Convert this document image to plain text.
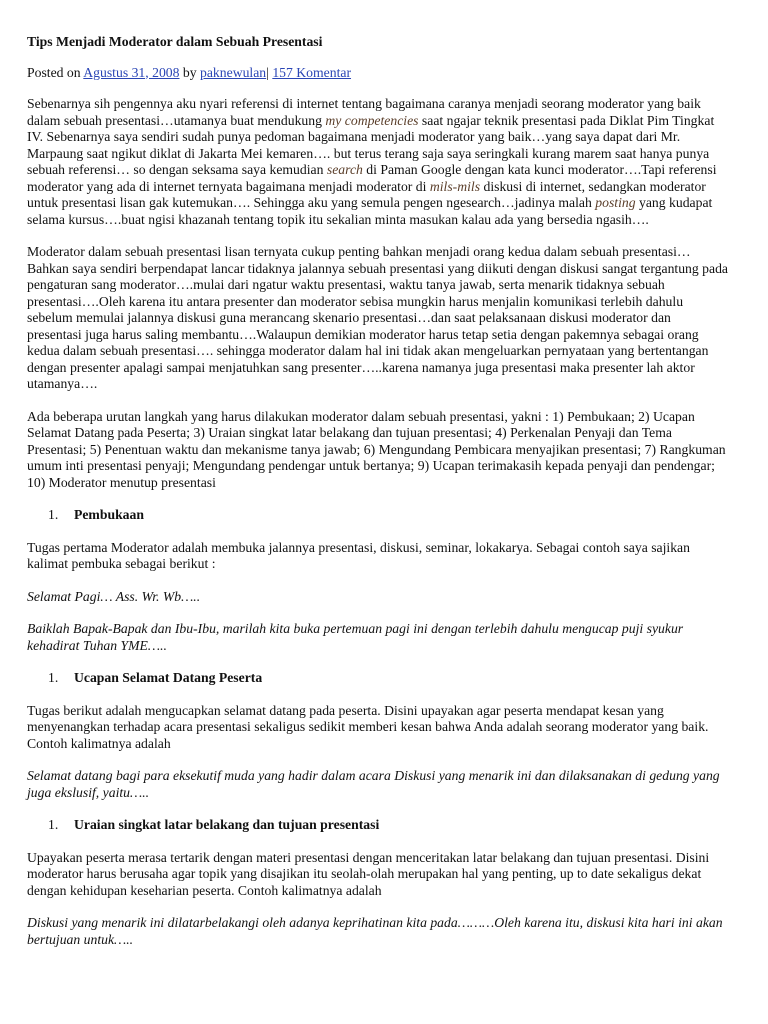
Tips Menjadi Moderator dalam Sebuah Presentasi
Posted on Agustus 31, 2008 by paknewulan| 157 Komentar

Sebenarnya sih pengennya aku nyari referensi di internet tentang bagaimana caranya menjadi seorang moderator yang baik dalam sebuah presentasi…utamanya buat mendukung my competencies saat ngajar teknik presentasi pada Diklat Pim Tingkat IV. Sebenarnya saya sendiri sudah punya pedoman bagaimana menjadi moderator yang baik…yang saya dapat dari Mr. Marpaung saat ngikut diklat di Jakarta Mei kemaren…. but terus terang saja saya seringkali kurang marem saat hanya punya sebuah referensi… so dengan seksama saya kemudian search di Paman Google dengan kata kunci moderator….Tapi referensi moderator yang ada di internet ternyata bagaimana menjadi moderator di mils-mils diskusi di internet, sedangkan moderator untuk presentasi lisan gak kutemukan…. Sehingga aku yang semula pengen ngesearch…jadinya malah posting yang kudapat selama kursus….buat ngisi khazanah tentang topik itu sekalian minta masukan kalau ada yang bersedia ngasih….

Moderator dalam sebuah presentasi lisan ternyata cukup penting bahkan menjadi orang kedua dalam sebuah presentasi…Bahkan saya sendiri berpendapat lancar tidaknya jalannya sebuah presentasi yang diikuti dengan diskusi sangat tergantung pada pengaturan sang moderator….mulai dari ngatur waktu presentasi, waktu tanya jawab, serta menarik tidaknya sebuah presentasi….Oleh karena itu antara presenter dan moderator sebisa mungkin harus menjalin komunikasi terlebih dahulu sebelum memulai jalannya diskusi guna merancang skenario presentasi…dan saat pelaksanaan diskusi moderator dan presentasi juga harus saling membantu….Walaupun demikian moderator harus tetap setia dengan pakemnya sebagai orang kedua dalam sebuah presentasi…. sehingga moderator dalam hal ini tidak akan mengeluarkan pernyataan yang bertentangan dengan presenter apalagi sampai menjatuhkan sang presenter…..karena namanya juga presentasi maka presenter lah aktor utamanya….

Ada beberapa urutan langkah yang harus dilakukan moderator dalam sebuah presentasi, yakni : 1) Pembukaan; 2) Ucapan Selamat Datang pada Peserta; 3) Uraian singkat latar belakang dan tujuan presentasi; 4) Perkenalan Penyaji dan Tema Presentasi; 5) Penentuan waktu dan mekanisme tanya jawab; 6) Mengundang Pembicara menyajikan presentasi; 7) Rangkuman umum inti presentasi penyaji; Mengundang pendengar untuk bertanya; 9) Ucapan terimakasih kepada penyaji dan pendengar; 10) Moderator menutup presentasi

1.	Pembukaan

Tugas pertama Moderator adalah membuka jalannya presentasi, diskusi, seminar, lokakarya. Sebagai contoh saya sajikan kalimat pembuka sebagai berikut :

Selamat Pagi… Ass. Wr. Wb…..

Baiklah Bapak-Bapak dan Ibu-Ibu, marilah kita buka pertemuan pagi ini dengan terlebih dahulu mengucap puji syukur kehadirat Tuhan YME…..

1.	Ucapan Selamat Datang Peserta

Tugas berikut adalah mengucapkan selamat datang pada peserta. Disini upayakan agar peserta mendapat kesan yang menyenangkan terhadap acara presentasi sekaligus sedikit memberi kesan bahwa Anda adalah seorang moderator yang baik. Contoh kalimatnya adalah

Selamat datang bagi para eksekutif muda yang hadir dalam acara Diskusi yang menarik ini dan dilaksanakan di gedung yang juga ekslusif, yaitu…..

1.	Uraian singkat latar belakang dan tujuan presentasi

Upayakan peserta merasa tertarik dengan materi presentasi dengan menceritakan latar belakang dan tujuan presentasi. Disini moderator harus berusaha agar topik yang disajikan itu seolah-olah merupakan hal yang penting, up to date sekaligus dekat dengan kehidupan keseharian peserta. Contoh kalimatnya adalah

Diskusi yang menarik ini dilatarbelakangi oleh adanya keprihatinan kita pada………Oleh karena itu, diskusi kita hari ini akan bertujuan untuk…..
